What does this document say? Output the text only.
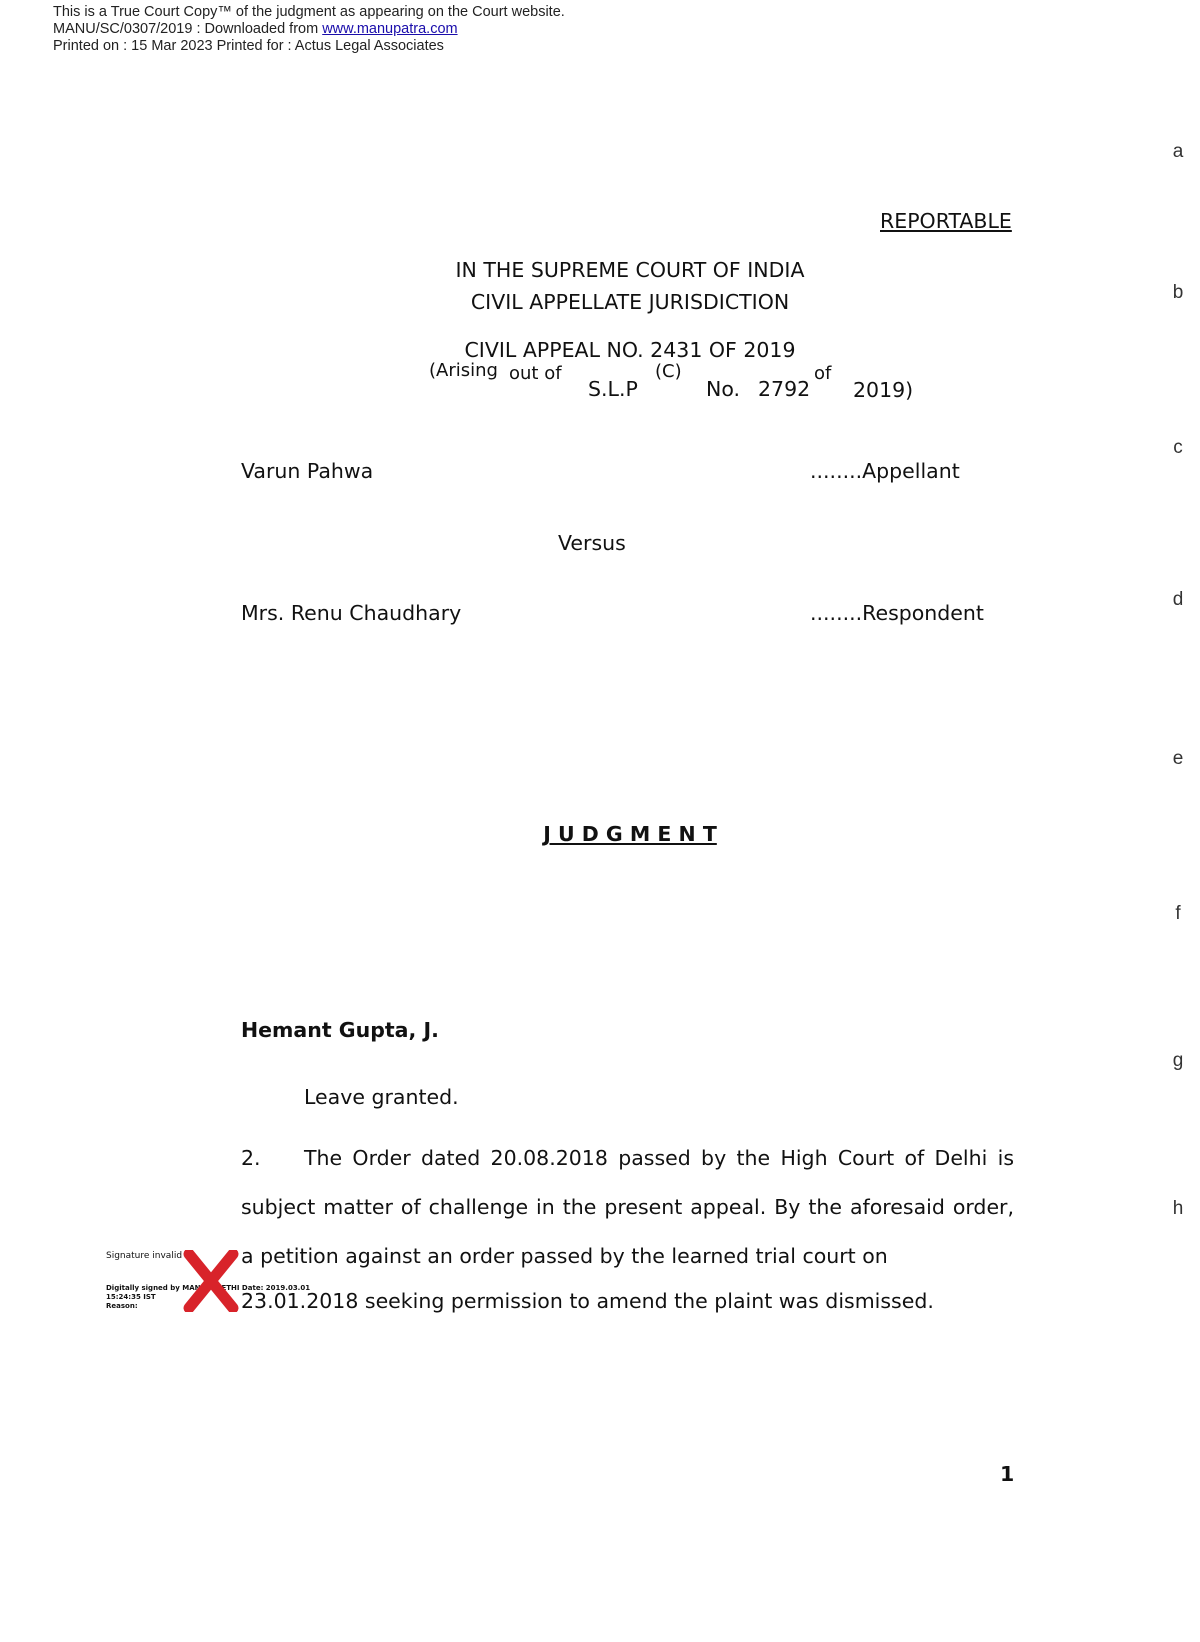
This is a True Court Copy™ of the judgment as appearing on the Court website.
MANU/SC/0307/2019 : Downloaded from www.manupatra.com
Printed on : 15 Mar 2023 Printed for : Actus Legal Associates
a
b
c
d
e
f
g
h
REPORTABLE
IN THE SUPREME COURT OF INDIA
CIVIL APPELLATE JURISDICTION
CIVIL APPEAL NO. 2431 OF 2019
(Arising out of
S.L.P
(C)
No. 2792
of
2019)
Varun Pahwa	........Appellant
Versus
Mrs. Renu Chaudhary	........Respondent
J U D G M E N T
Hemant Gupta, J.
Leave granted.
2. The Order dated 20.08.2018 passed by the High Court of Delhi is subject matter of challenge in the present appeal. By the aforesaid order, a petition against an order passed by the learned trial court on
23.01.2018 seeking permission to amend the plaint was dismissed.
Signature invalid
Digitally signed by MANISH SETHI Date: 2019.03.01
15:24:35 IST
Reason:
1
